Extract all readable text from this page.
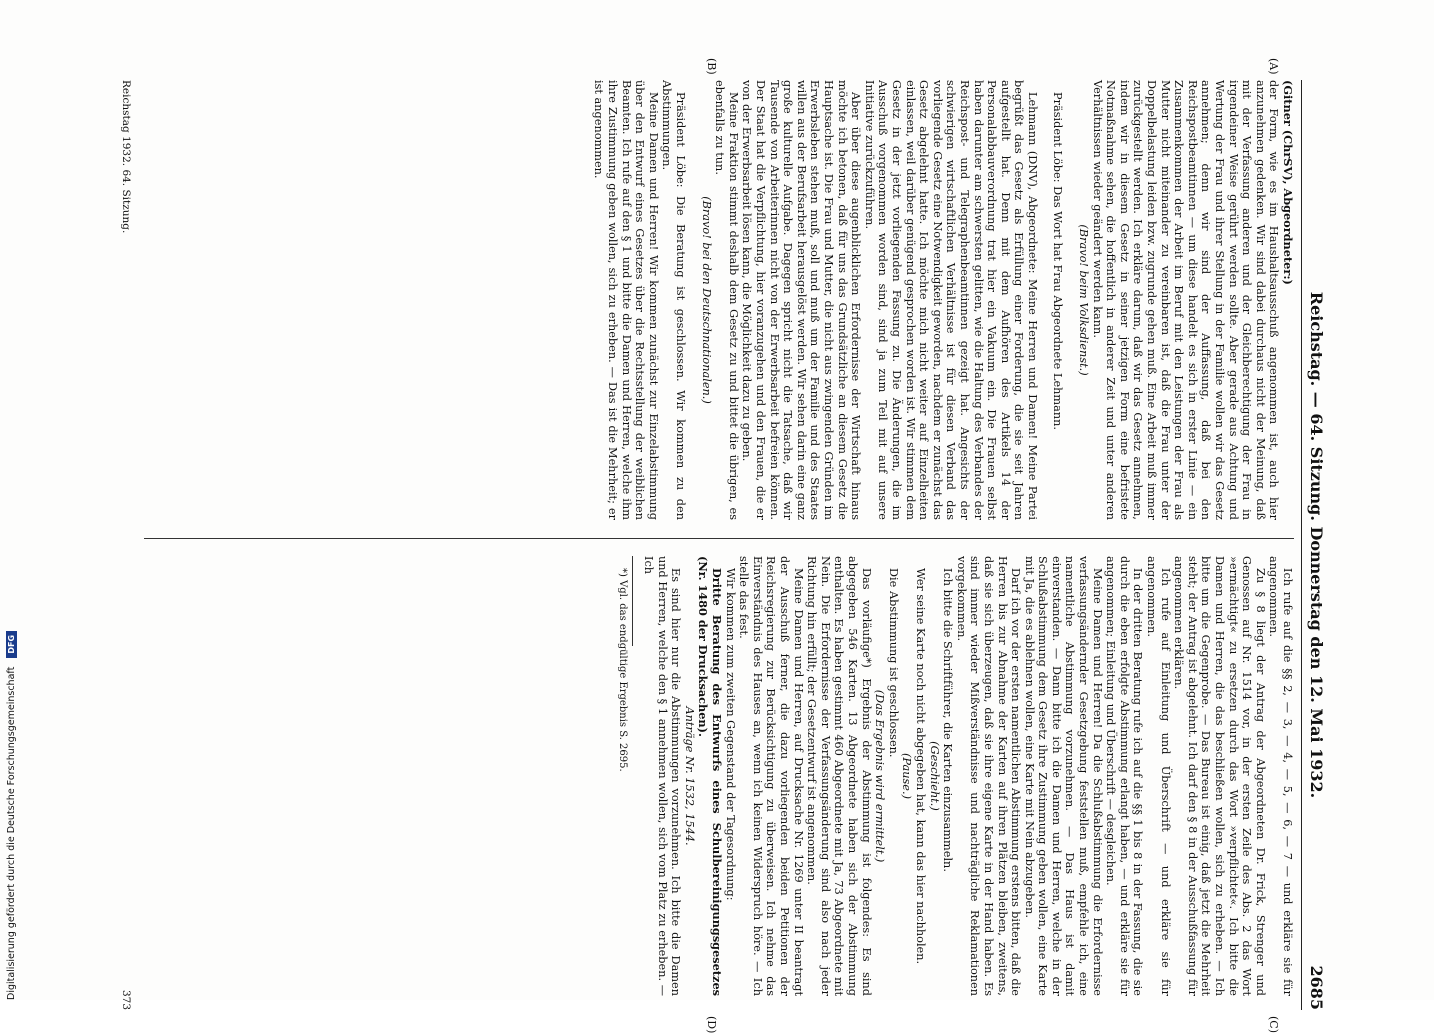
Reichstag. — 64. Sitzung. Donnerstag den 12. Mai 1932.
2685
(A)
(B)
(C)
(D)

(Gitner (ChrSV), Abgeordneter:)

der Form, wie es im Haushaltsausschuß angenommen ist, auch hier anzunehmen gedenken. Wir sind dabei durchaus nicht der Meinung, daß mit der Verfassung anderen und der Gleichberechtigung der Frau in irgendeiner Weise gerührt werden sollte. Aber gerade aus Achtung und Wertung der Frau und ihrer Stellung in der Familie wollen wir das Gesetz annehmen; denn wir sind der Auffassung, daß bei den Reichspostbeamtinnen — um diese handelt es sich in erster Linie — ein Zusammenkommen der Arbeit im Beruf mit den Leistungen der Frau als Mutter nicht miteinander zu vereinbaren ist, daß die Frau unter der Doppelbelastung leiden bzw. zugrunde gehen muß. Eine Arbeit muß immer zurückgestellt werden. Ich erkläre darum, daß wir das Gesetz annehmen, indem wir in diesem Gesetz in seiner jetzigen Form eine befristete Notmaßnahme sehen, die hoffentlich in anderer Zeit und unter anderen Verhältnissen wieder geändert werden kann.

(Bravo! beim Volksdienst.)

Präsident Löbe: Das Wort hat Frau Abgeordnete Lehmann.

Lehmann (DNV), Abgeordnete: Meine Herren und Damen! Meine Partei begrüßt das Gesetz als Erfüllung einer Forderung, die sie seit Jahren aufgestellt hat. Denn mit dem Aufhören des Artikels 14 der Personalabbauverordnung trat hier ein Vakuum ein. Die Frauen selbst haben darunter am schwersten gelitten, wie die Haltung des Verbandes der Reichspost- und Telegraphenbeamtinnen gezeigt hat. Angesichts der schwierigen wirtschaftlichen Verhältnisse ist für diesen Verband das vorliegende Gesetz eine Notwendigkeit geworden, nachdem er zunächst das Gesetz abgelehnt hatte. Ich möchte mich nicht weiter auf Einzelheiten einlassen, weil darüber genügend gesprochen worden ist. Wir stimmen dem Gesetz in der jetzt vorliegenden Fassung zu. Die Änderungen, die im Ausschuß vorgenommen worden sind, sind ja zum Teil mit auf unsere Initiative zurückzuführen.

Aber über diese augenblicklichen Erfordernisse der Wirtschaft hinaus möchte ich betonen, daß für uns das Grundsätzliche an diesem Gesetz die Hauptsache ist. Die Frau und Mutter, die nicht aus zwingenden Gründen im Erwerbsleben stehen muß, soll und muß um der Familie und des Staates willen aus der Berufsarbeit herausgelöst werden. Wir sehen darin eine ganz große kulturelle Aufgabe. Dagegen spricht nicht die Tatsache, daß wir Tausende von Arbeiterinnen nicht von der Erwerbsarbeit befreien können. Der Staat hat die Verpflichtung, hier voranzugehen und den Frauen, die er von der Erwerbsarbeit lösen kann, die Möglichkeit dazu zu geben.

Meine Fraktion stimmt deshalb dem Gesetz zu und bittet die übrigen, es ebenfalls zu tun.

(Bravo! bei den Deutschnationalen.)

Präsident Löbe: Die Beratung ist geschlossen. Wir kommen zu den Abstimmungen.

Meine Damen und Herren! Wir kommen zunächst zur Einzelabstimmung über den Entwurf eines Gesetzes über die Rechtsstellung der weiblichen Beamten. Ich rufe auf den § 1 und bitte die Damen und Herren, welche ihm ihre Zustimmung geben wollen, sich zu erheben. — Das ist die Mehrheit; er ist angenommen.

Ich rufe auf die §§ 2, — 3, — 4, — 5, — 6, — 7 — und erkläre sie für angenommen.

Zu § 8 liegt der Antrag der Abgeordneten Dr. Frick, Strenger und Genossen auf Nr. 1514 vor, in der ersten Zeile des Abs. 2 das Wort »ermächtigt« zu ersetzen durch das Wort »verpflichtet«. Ich bitte die Damen und Herren, die das beschließen wollen, sich zu erheben. — Ich bitte um die Gegenprobe. — Das Bureau ist einig, daß jetzt die Mehrheit steht; der Antrag ist abgelehnt. Ich darf den § 8 in der Ausschußfassung für angenommen erklären.

Ich rufe auf Einleitung und Überschrift — und erkläre sie für angenommen.

In der dritten Beratung rufe ich auf die §§ 1 bis 8 in der Fassung, die sie durch die eben erfolgte Abstimmung erlangt haben, — und erkläre sie für angenommen; Einleitung und Überschrift — desgleichen.

Meine Damen und Herren! Da die Schlußabstimmung die Erfordernisse verfassungsändernder Gesetzgebung feststellen muß, empfehle ich, eine namentliche Abstimmung vorzunehmen. — Das Haus ist damit einverstanden. — Dann bitte ich die Damen und Herren, welche in der Schlußabstimmung dem Gesetz ihre Zustimmung geben wollen, eine Karte mit Ja, die es ablehnen wollen, eine Karte mit Nein abzugeben.

Darf ich vor der ersten namentlichen Abstimmung erstens bitten, daß die Herren bis zur Abnahme der Karten auf ihren Plätzen bleiben, zweitens, daß sie sich überzeugen, daß sie ihre eigene Karte in der Hand haben. Es sind immer wieder Mißverständnisse und nachträgliche Reklamationen vorgekommen.

Ich bitte die Schriftführer, die Karten einzusammeln.

(Geschieht.)

Wer seine Karte noch nicht abgegeben hat, kann das hier nachholen.

(Pause.)

Die Abstimmung ist geschlossen.

(Das Ergebnis wird ermittelt.)

Das vorläufige*) Ergebnis der Abstimmung ist folgendes: Es sind abgegeben 546 Karten. 13 Abgeordnete haben sich der Abstimmung enthalten. Es haben gestimmt 460 Abgeordnete mit Ja, 73 Abgeordnete mit Nein. Die Erfordernisse der Verfassungsänderung sind also nach jeder Richtung hin erfüllt; der Gesetzentwurf ist angenommen.

Meine Damen und Herren, auf Drucksache Nr. 1269 unter II beantragt der Ausschuß ferner, die dazu vorliegenden beiden Petitionen der Reichsregierung zur Berücksichtigung zu überweisen. Ich nehme das Einverständnis des Hauses an, wenn ich keinen Widerspruch höre. — Ich stelle das fest.

Wir kommen zum zweiten Gegenstand der Tagesordnung:

Dritte Beratung des Entwurfs eines Schulbereinigungsgesetzes (Nr. 1480 der Drucksachen).

Anträge Nr. 1532, 1544.

Es sind hier nur die Abstimmungen vorzunehmen. Ich bitte die Damen und Herren, welche den § 1 annehmen wollen, sich vom Platz zu erheben. — Ich

*) Vgl. das endgültige Ergebnis S. 2695.

Reichstag 1932. 64. Sitzung.
373
Digitalisierung gefördert durch die Deutsche Forschungsgemeinschaft DFG
